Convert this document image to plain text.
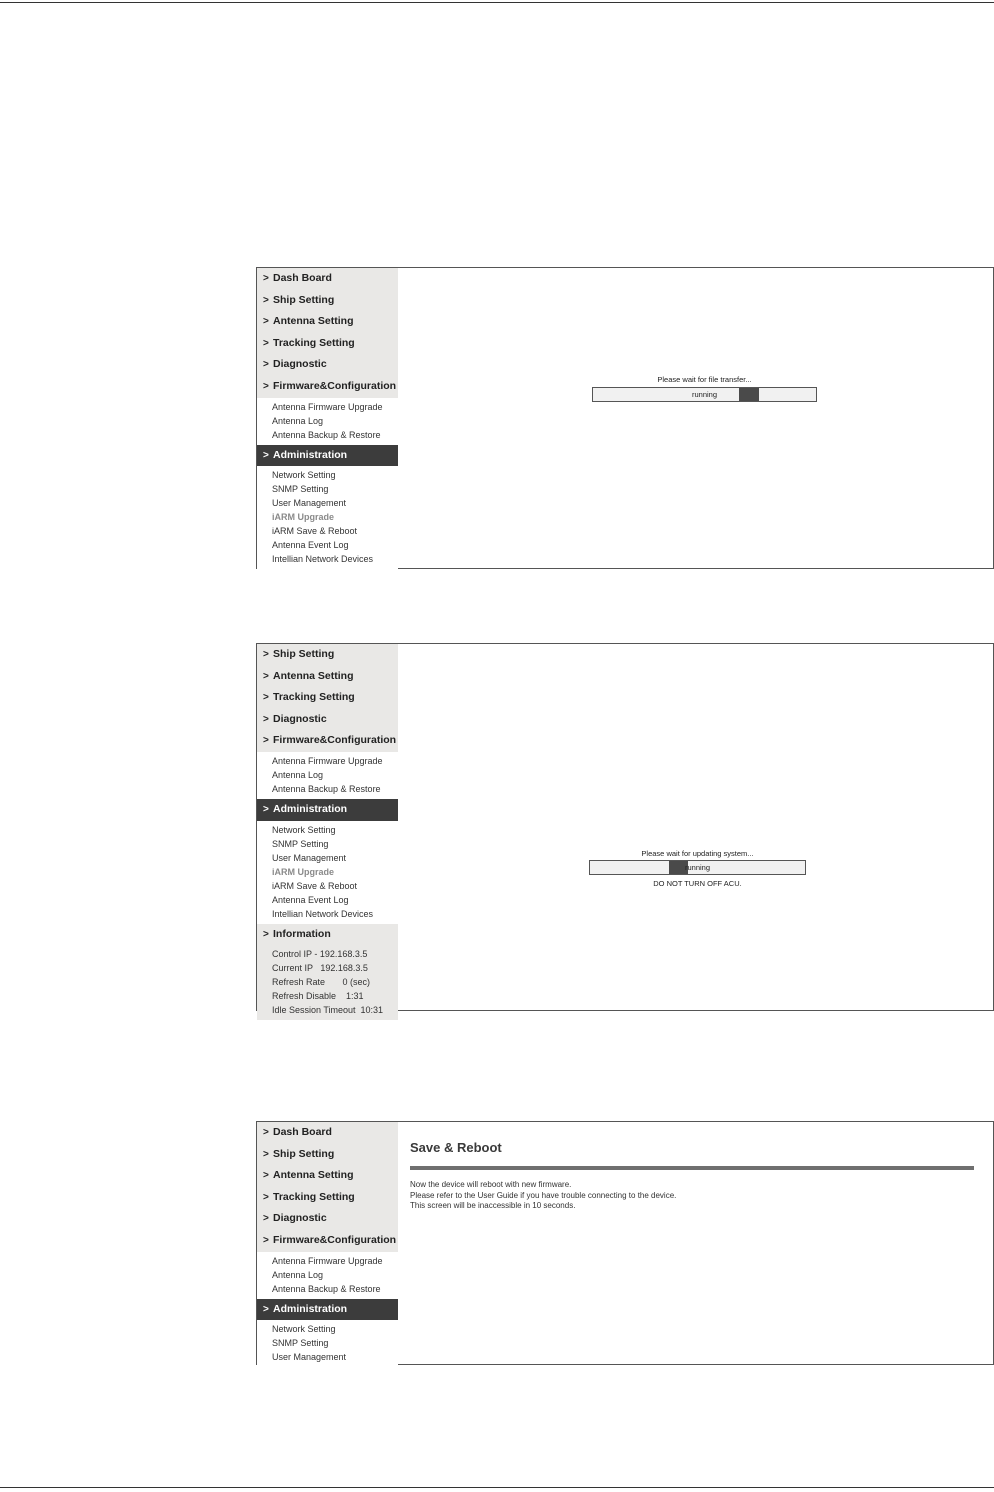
> Dash Board
> Ship Setting
> Antenna Setting
> Tracking Setting
> Diagnostic
> Firmware&Configuration
Antenna Firmware Upgrade
Antenna Log
Antenna Backup & Restore
> Administration
Network Setting
SNMP Setting
User Management
iARM Upgrade
iARM Save & Reboot
Antenna Event Log
Intellian Network Devices
Please wait for file transfer...
running
> Ship Setting
> Antenna Setting
> Tracking Setting
> Diagnostic
> Firmware&Configuration
Antenna Firmware Upgrade
Antenna Log
Antenna Backup & Restore
> Administration
Network Setting
SNMP Setting
User Management
iARM Upgrade
iARM Save & Reboot
Antenna Event Log
Intellian Network Devices
> Information
Control IP - 192.168.3.5
Current IP   192.168.3.5
Refresh Rate       0 (sec)
Refresh Disable    1:31
Idle Session Timeout  10:31
Please wait for updating system...
running
DO NOT TURN OFF ACU.
> Dash Board
> Ship Setting
> Antenna Setting
> Tracking Setting
> Diagnostic
> Firmware&Configuration
Antenna Firmware Upgrade
Antenna Log
Antenna Backup & Restore
> Administration
Network Setting
SNMP Setting
User Management
Save & Reboot
Now the device will reboot with new firmware.
Please refer to the User Guide if you have trouble connecting to the device.
This screen will be inaccessible in 10 seconds.
